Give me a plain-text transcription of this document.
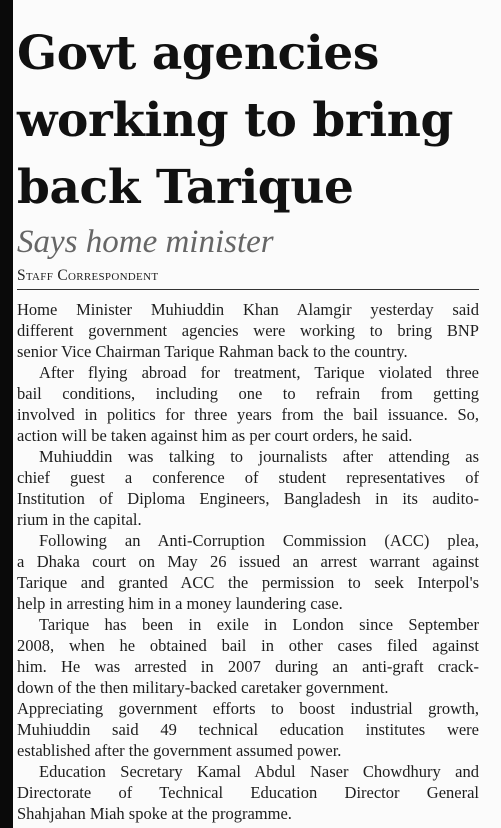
Govt agencies
working to bring
back Tarique
Says home minister
Staff Correspondent
Home Minister Muhiuddin Khan Alamgir yesterday said
different government agencies were working to bring BNP
senior Vice Chairman Tarique Rahman back to the country.
After flying abroad for treatment, Tarique violated three
bail conditions, including one to refrain from getting
involved in politics for three years from the bail issuance. So,
action will be taken against him as per court orders, he said.
Muhiuddin was talking to journalists after attending as
chief guest a conference of student representatives of
Institution of Diploma Engineers, Bangladesh in its audito-
rium in the capital.
Following an Anti-Corruption Commission (ACC) plea,
a Dhaka court on May 26 issued an arrest warrant against
Tarique and granted ACC the permission to seek Interpol's
help in arresting him in a money laundering case.
Tarique has been in exile in London since September
2008, when he obtained bail in other cases filed against
him. He was arrested in 2007 during an anti-graft crack-
down of the then military-backed caretaker government.
Appreciating government efforts to boost industrial growth,
Muhiuddin said 49 technical education institutes were
established after the government assumed power.
Education Secretary Kamal Abdul Naser Chowdhury and
Directorate of Technical Education Director General
Shahjahan Miah spoke at the programme.
